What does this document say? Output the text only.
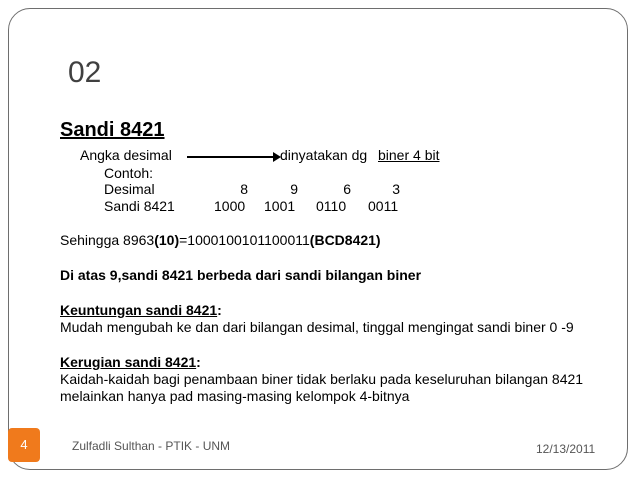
02
Sandi 8421
Angka desimal	dinyatakan dg biner 4 bit
Contoh:
Desimal	8	9	6	3
Sandi 8421	1000 1001 0110 0011
Sehingga 8963(10)=1000100101100011(BCD8421)
Di atas 9,sandi 8421 berbeda dari sandi bilangan biner
Keuntungan sandi 8421:
Mudah mengubah ke dan dari bilangan desimal, tinggal mengingat sandi biner 0 -9
Kerugian sandi 8421:
Kaidah-kaidah bagi penambaan biner tidak berlaku pada keseluruhan bilangan 8421
melainkan hanya pad masing-masing kelompok 4-bitnya
4	Zulfadli Sulthan - PTIK - UNM	12/13/2011
